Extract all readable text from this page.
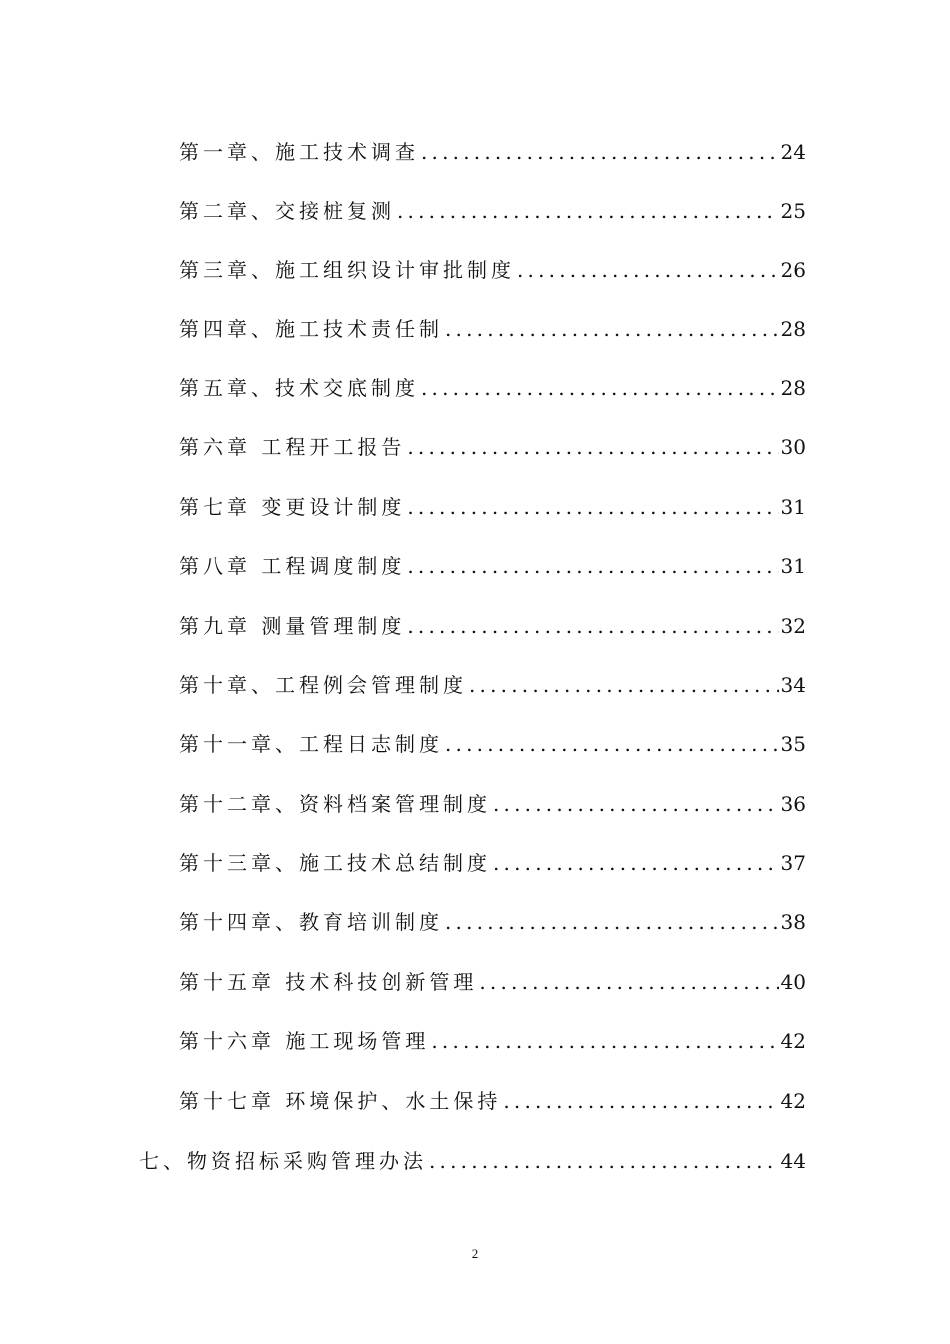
第一章、施工技术调查 .....	24
第二章、交接桩复测 .....	25
第三章、施工组织设计审批制度 .....	26
第四章、施工技术责任制 .....	28
第五章、技术交底制度 .....	28
第六章 工程开工报告 .....	30
第七章 变更设计制度 .....	31
第八章 工程调度制度 .....	31
第九章 测量管理制度 .....	32
第十章、工程例会管理制度 .....	34
第十一章、工程日志制度 .....	35
第十二章、资料档案管理制度 .....	36
第十三章、施工技术总结制度 .....	37
第十四章、教育培训制度 .....	38
第十五章 技术科技创新管理 .....	40
第十六章 施工现场管理 .....	42
第十七章 环境保护、水土保持 .....	42
七、物资招标采购管理办法 .....	44
2
